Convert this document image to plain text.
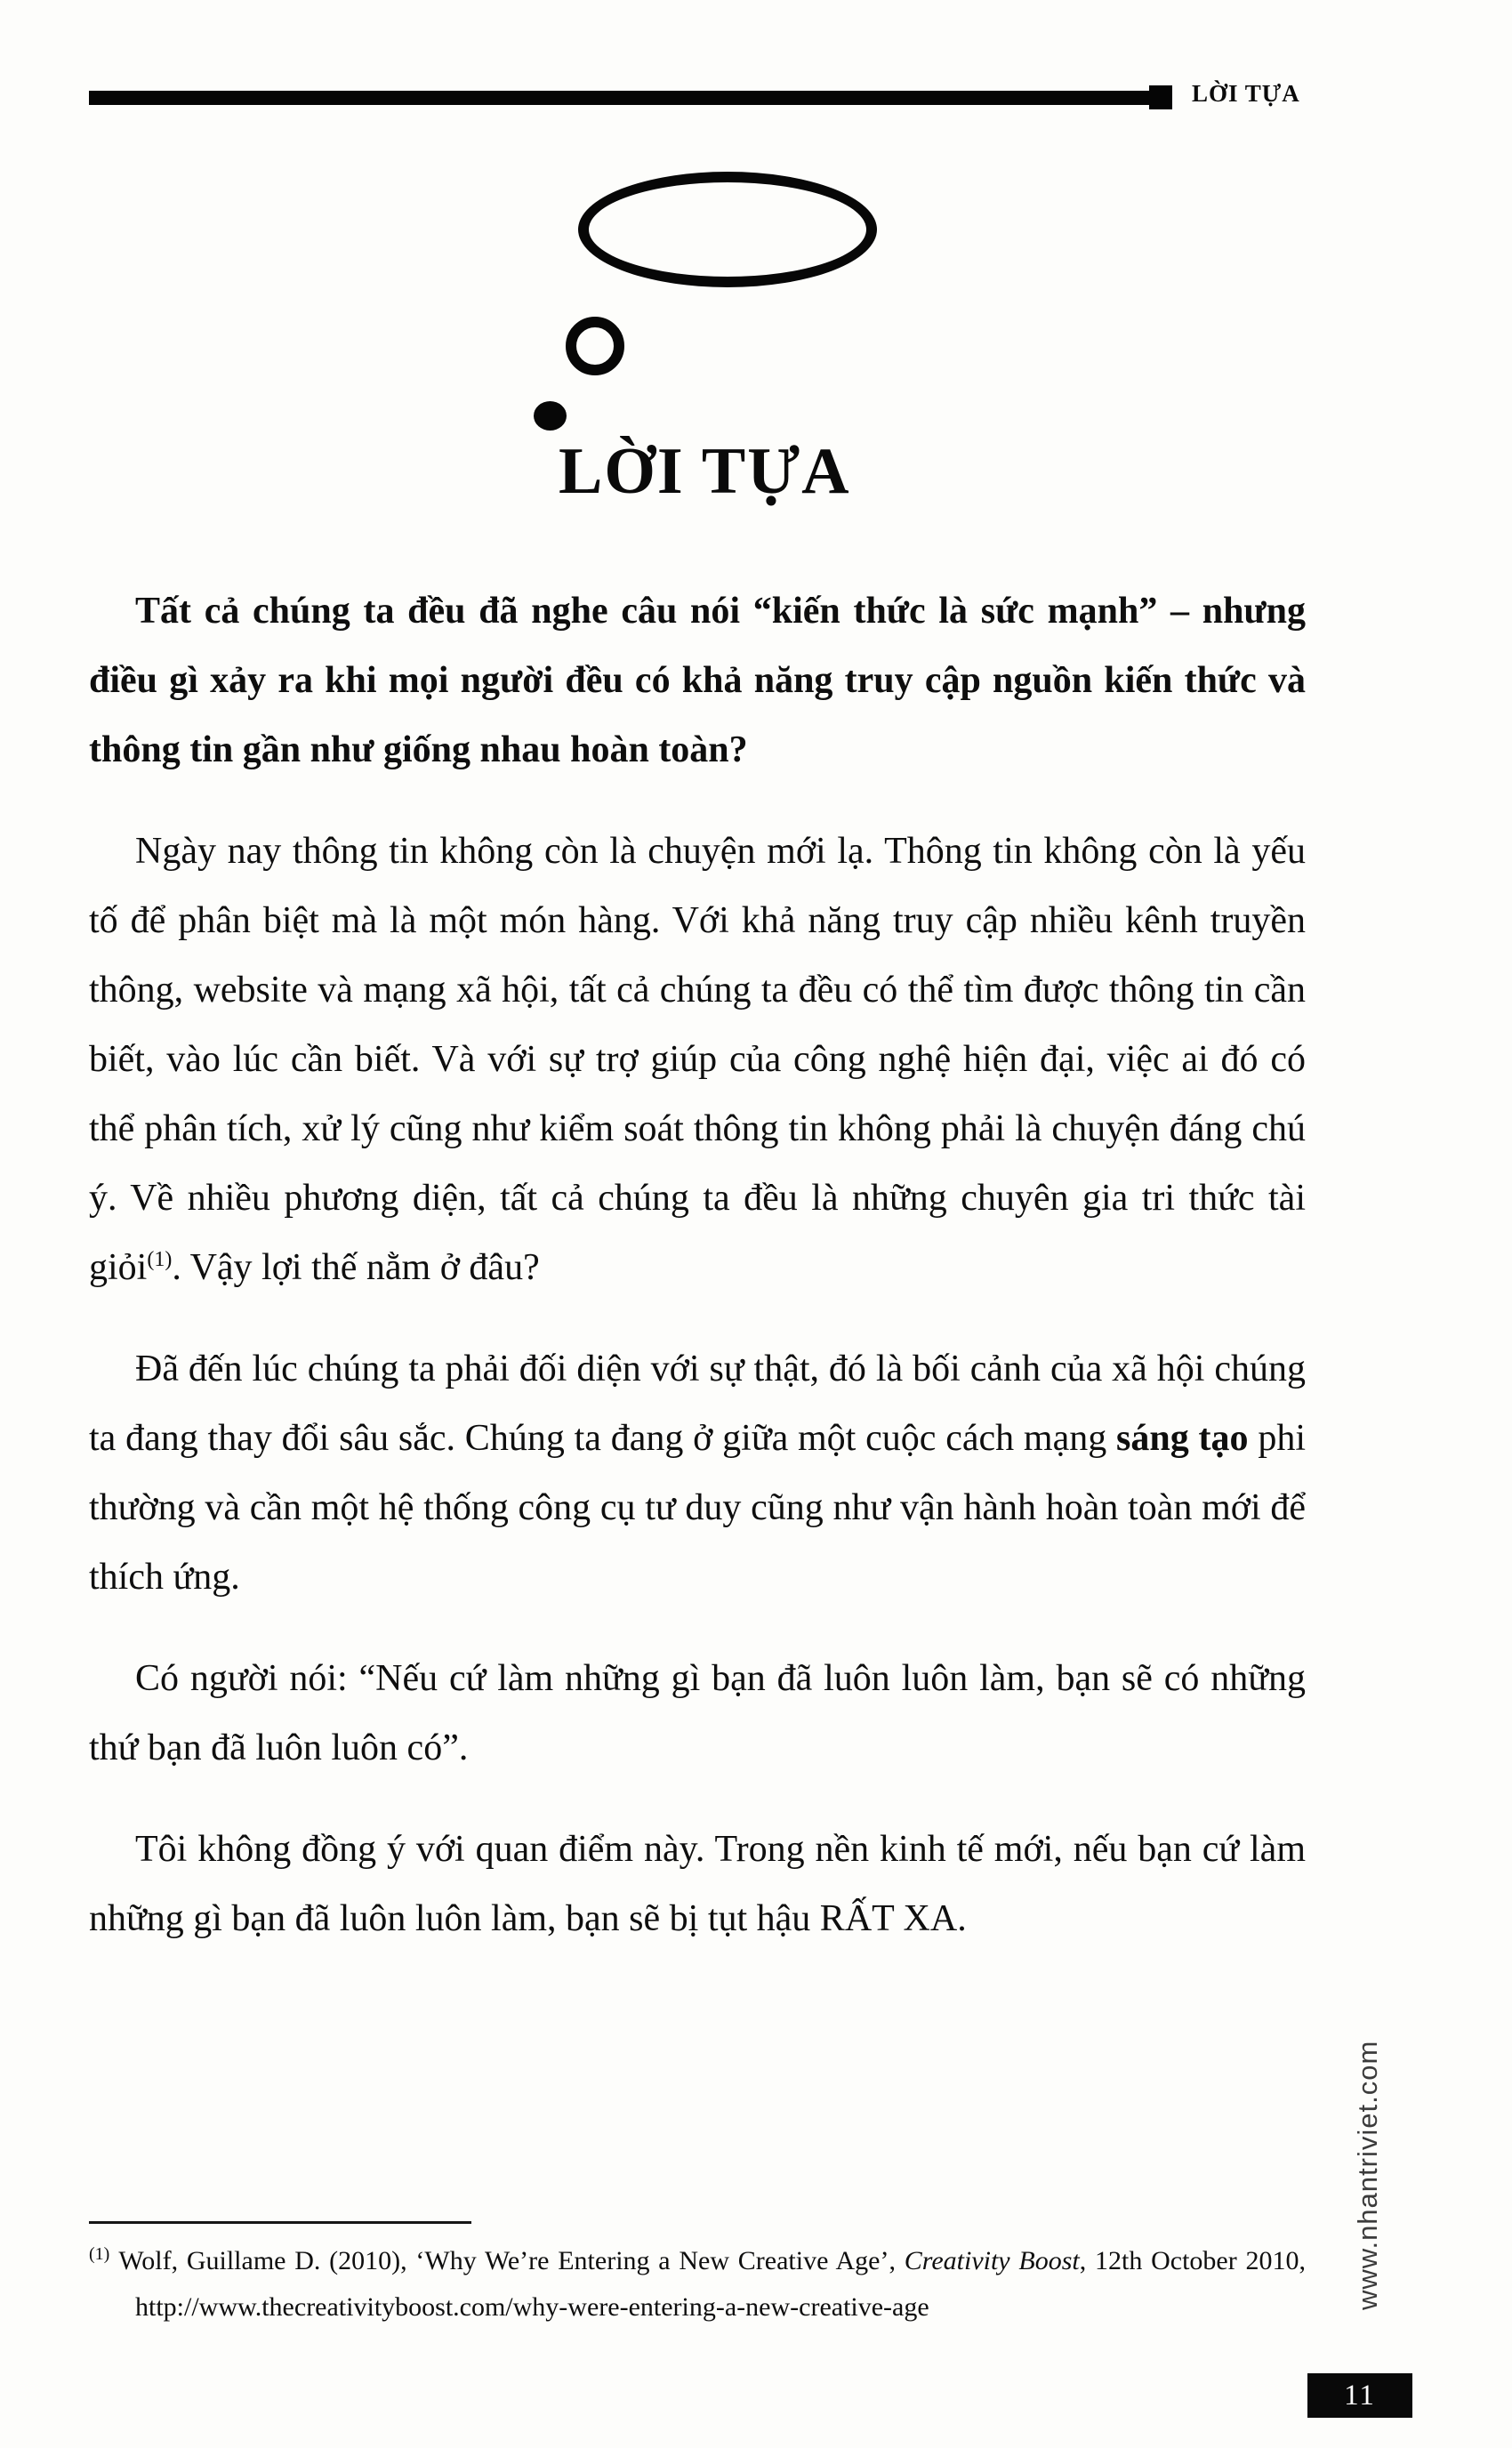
LỜI TỰA
LỜI TỰA

Tất cả chúng ta đều đã nghe câu nói “kiến thức là sức mạnh” – nhưng điều gì xảy ra khi mọi người đều có khả năng truy cập nguồn kiến thức và thông tin gần như giống nhau hoàn toàn?

Ngày nay thông tin không còn là chuyện mới lạ. Thông tin không còn là yếu tố để phân biệt mà là một món hàng. Với khả năng truy cập nhiều kênh truyền thông, website và mạng xã hội, tất cả chúng ta đều có thể tìm được thông tin cần biết, vào lúc cần biết. Và với sự trợ giúp của công nghệ hiện đại, việc ai đó có thể phân tích, xử lý cũng như kiểm soát thông tin không phải là chuyện đáng chú ý. Về nhiều phương diện, tất cả chúng ta đều là những chuyên gia tri thức tài giỏi$^{(1)}$. Vậy lợi thế nằm ở đâu?

Đã đến lúc chúng ta phải đối diện với sự thật, đó là bối cảnh của xã hội chúng ta đang thay đổi sâu sắc. Chúng ta đang ở giữa một cuộc cách mạng sáng tạo phi thường và cần một hệ thống công cụ tư duy cũng như vận hành hoàn toàn mới để thích ứng.

Có người nói: “Nếu cứ làm những gì bạn đã luôn luôn làm, bạn sẽ có những thứ bạn đã luôn luôn có”.

Tôi không đồng ý với quan điểm này. Trong nền kinh tế mới, nếu bạn cứ làm những gì bạn đã luôn luôn làm, bạn sẽ bị tụt hậu RẤT XA.

$^{(1)}$ Wolf, Guillame D. (2010), ‘Why We’re Entering a New Creative Age’, Creativity Boost, 12th October 2010, http://www.thecreativityboost.com/why-were-entering-a-new-creative-age	www.nhantriviet.com
11
